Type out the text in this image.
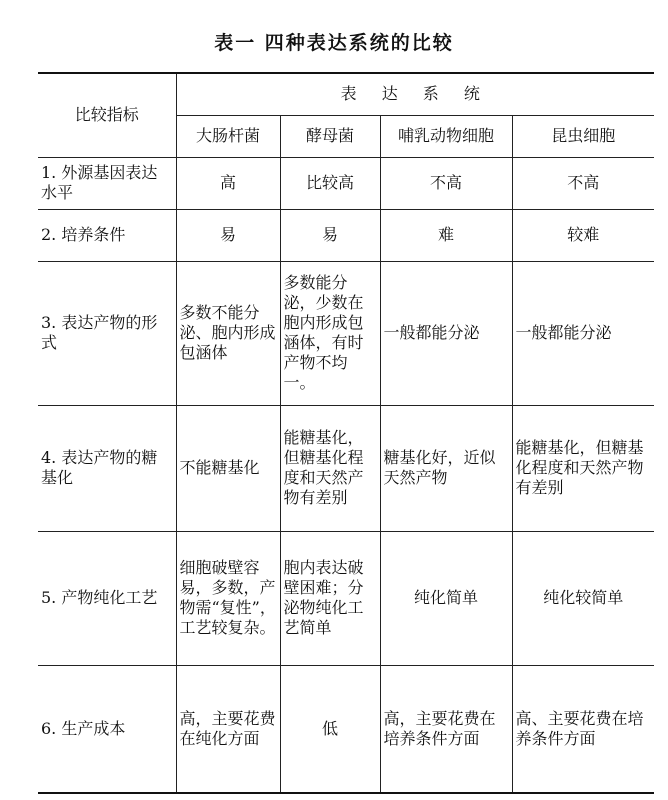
表一 四种表达系统的比较
比较指标	表 达 系 统			
	大肠杆菌	酵母菌	哺乳动物细胞	昆虫细胞
1. 外源基因表达水平	高	比较高	不高	不高
2. 培养条件	易	易	难	较难
3. 表达产物的形式	多数不能分泌、胞内形成包涵体	多数能分泌，少数在胞内形成包涵体，有时产物不均一。	一般都能分泌	一般都能分泌
4. 表达产物的糖基化	不能糖基化	能糖基化，但糖基化程度和天然产物有差别	糖基化好，近似天然产物	能糖基化，但糖基化程度和天然产物有差别
5. 产物纯化工艺	细胞破壁容易，多数，产物需“复性”，工艺较复杂。	胞内表达破壁困难；分泌物纯化工艺简单	纯化简单	纯化较简单
6. 生产成本	高，主要花费在纯化方面	低	高，主要花费在培养条件方面	高、主要花费在培养条件方面
